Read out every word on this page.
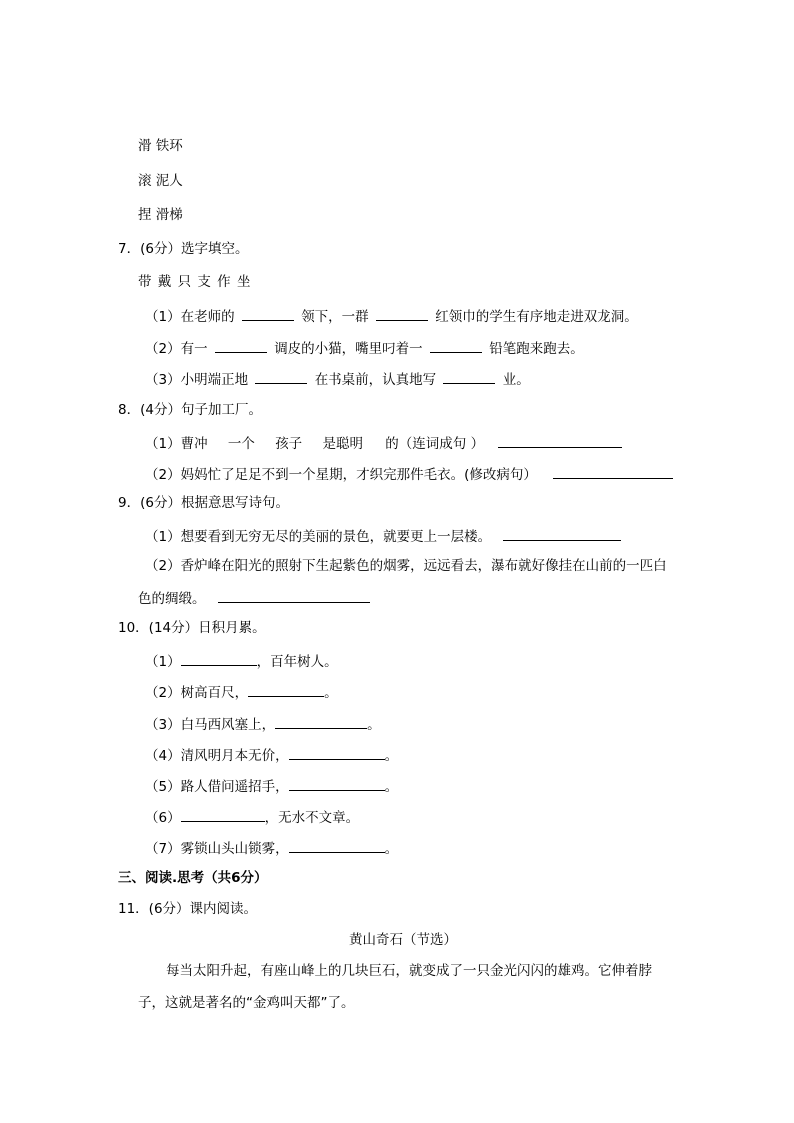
滑 铁环
滚 泥人
捏 滑梯
7．(6分）选字填空。
带 戴 只 支 作 坐
（1）在老师的	领下，一群	红领巾的学生有序地走进双龙洞。
（2）有一	调皮的小猫，嘴里叼着一	铅笔跑来跑去。
（3）小明端正地	在书桌前，认真地写	业。
8．(4分）句子加工厂。
（1）曹冲 一个 孩子 是聪明 的（连词成句 ）
（2）妈妈忙了足足不到一个星期，才织完那件毛衣。(修改病句）
9．(6分）根据意思写诗句。
（1）想要看到无穷无尽的美丽的景色，就要更上一层楼。
（2）香炉峰在阳光的照射下生起紫色的烟雾，远远看去，瀑布就好像挂在山前的一匹白
色的绸缎。
10．(14分）日积月累。
（1）	，百年树人。
（2）树高百尺，	。
（3）白马西风塞上，	。
（4）清风明月本无价，	。
（5）路人借问遥招手，	。
（6）	，无水不文章。
（7）雾锁山头山锁雾，	。
三、阅读.思考（共6分）
11．(6分）课内阅读。
黄山奇石（节选）
每当太阳升起，有座山峰上的几块巨石，就变成了一只金光闪闪的雄鸡。它伸着脖
子，这就是著名的“金鸡叫天都”了。
